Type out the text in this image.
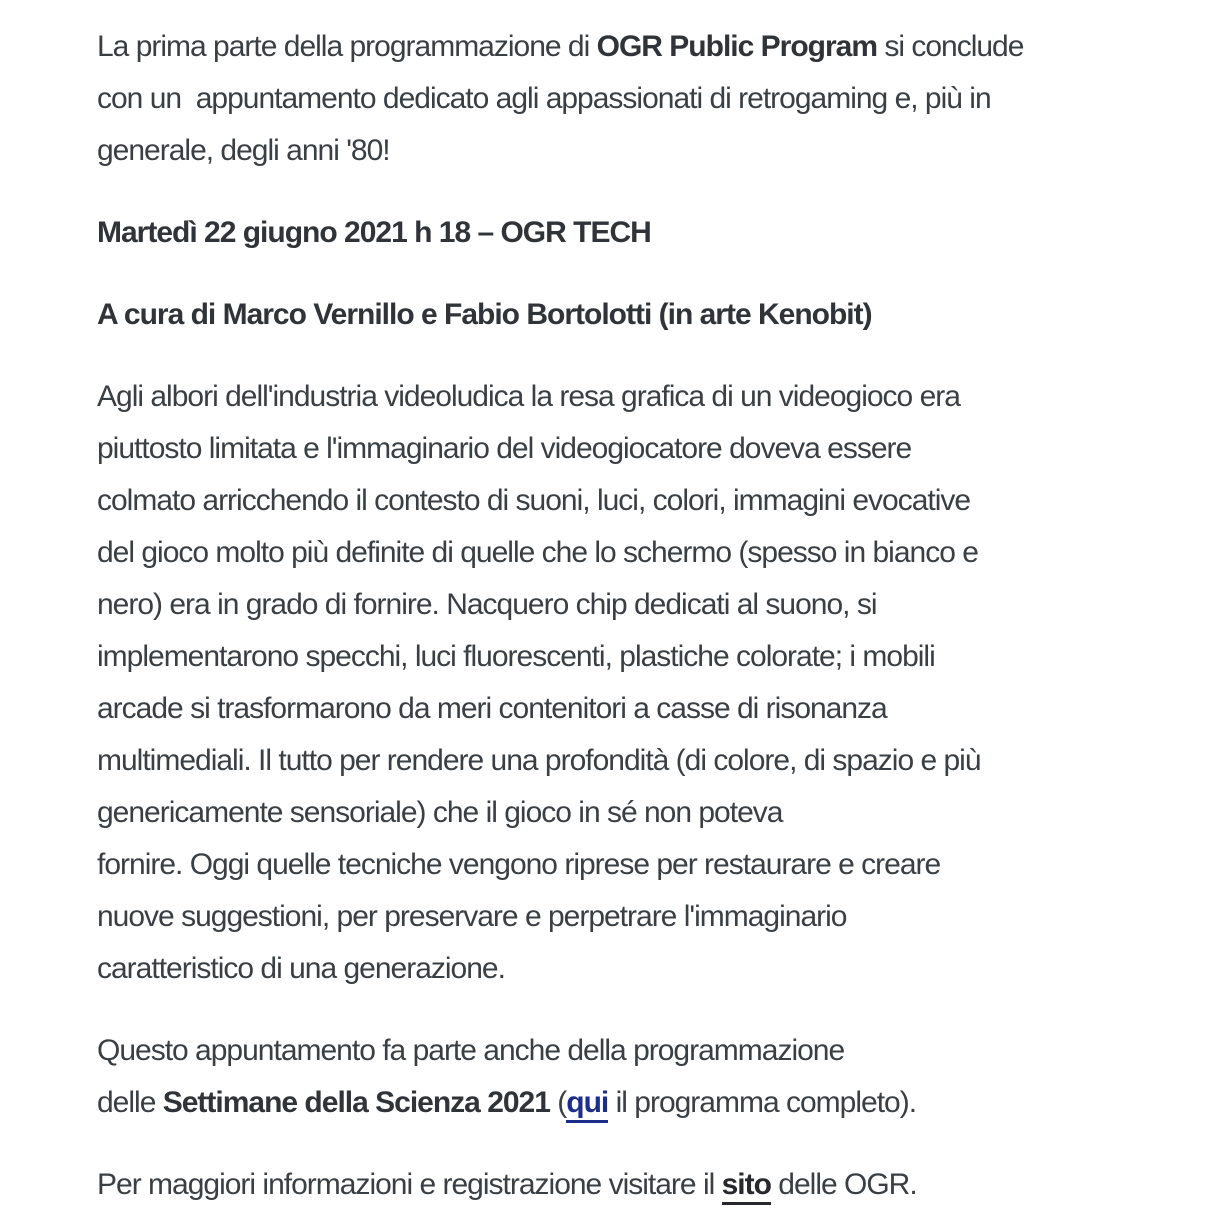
La prima parte della programmazione di OGR Public Program si conclude
con un  appuntamento dedicato agli appassionati di retrogaming e, più in
generale, degli anni '80!

Martedì 22 giugno 2021 h 18 – OGR TECH

A cura di Marco Vernillo e Fabio Bortolotti (in arte Kenobit)

Agli albori dell'industria videoludica la resa grafica di un videogioco era
piuttosto limitata e l'immaginario del videogiocatore doveva essere
colmato arricchendo il contesto di suoni, luci, colori, immagini evocative
del gioco molto più definite di quelle che lo schermo (spesso in bianco e
nero) era in grado di fornire. Nacquero chip dedicati al suono, si
implementarono specchi, luci fluorescenti, plastiche colorate; i mobili
arcade si trasformarono da meri contenitori a casse di risonanza
multimediali. Il tutto per rendere una profondità (di colore, di spazio e più
genericamente sensoriale) che il gioco in sé non poteva
fornire. Oggi quelle tecniche vengono riprese per restaurare e creare
nuove suggestioni, per preservare e perpetrare l'immaginario
caratteristico di una generazione.

Questo appuntamento fa parte anche della programmazione
delle Settimane della Scienza 2021 (qui il programma completo).

Per maggiori informazioni e registrazione visitare il sito delle OGR.
